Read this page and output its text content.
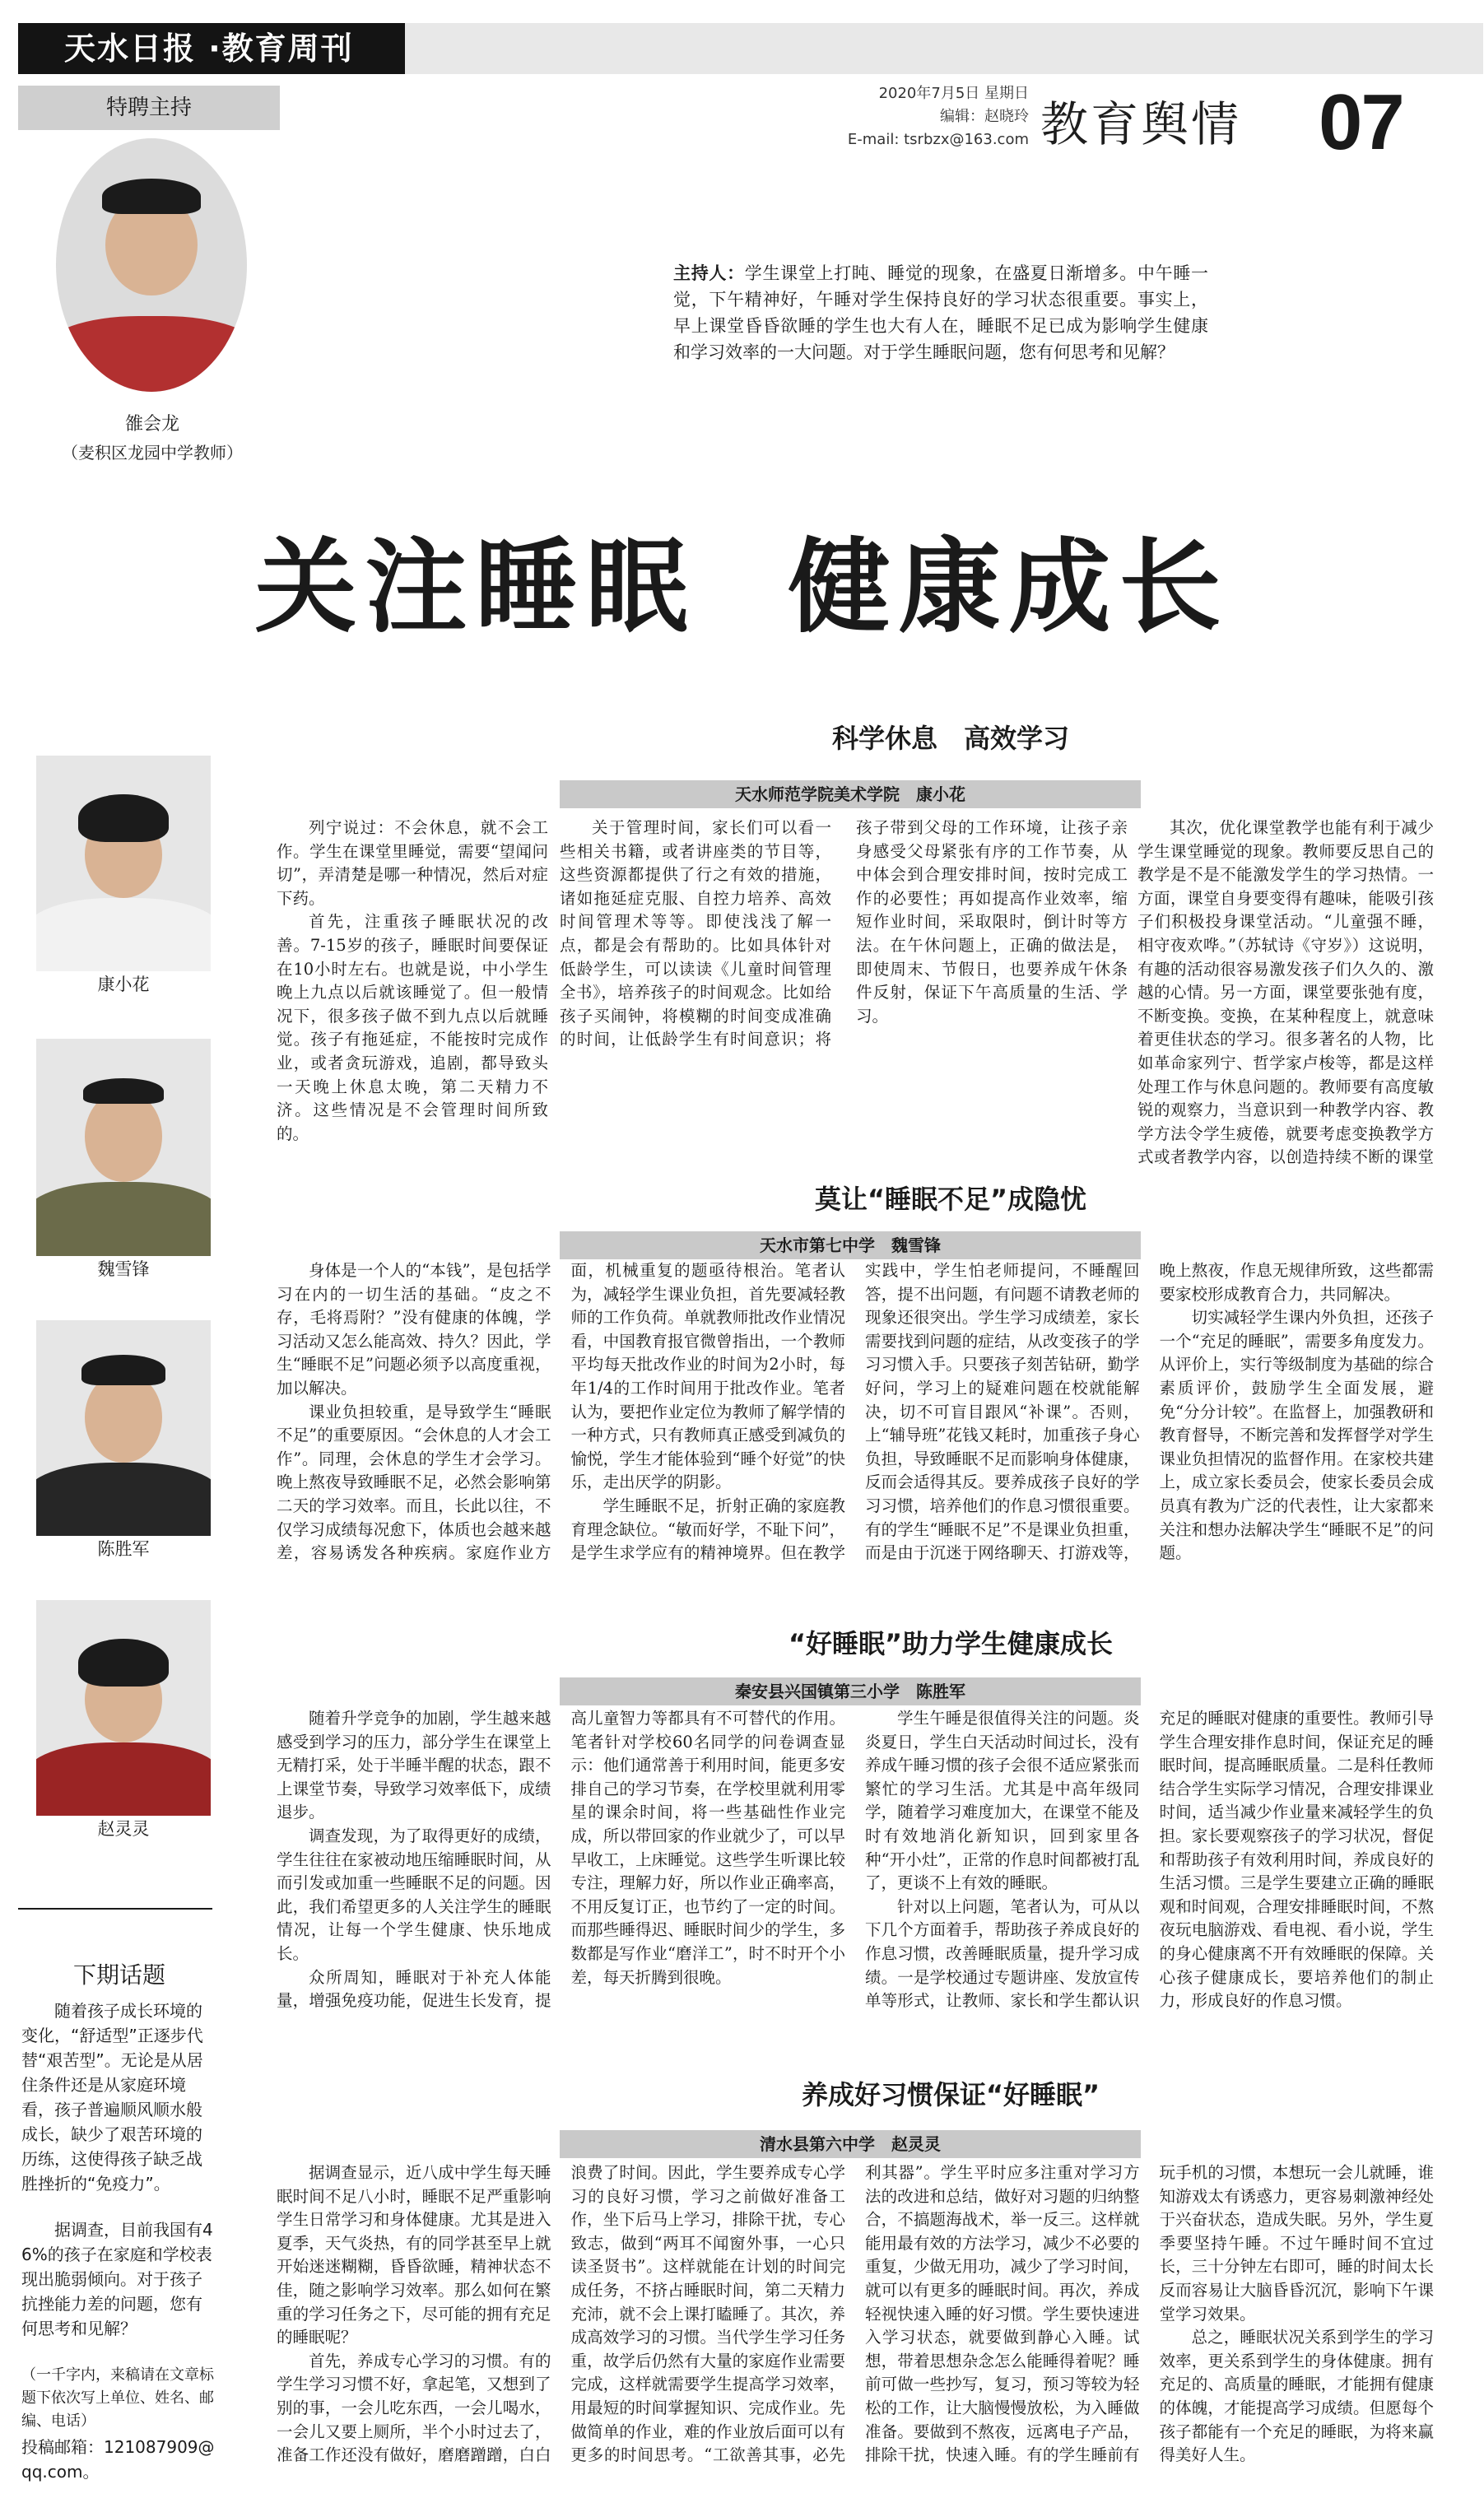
天水日报 ·教育周刊
特聘主持
2020年7月5日 星期日
编辑：赵晓玲
E-mail: tsrbzx@163.com 教育舆情 07
雒会龙
（麦积区龙园中学教师）
主持人：学生课堂上打盹、睡觉的现象，在盛夏日渐增多。中午睡一觉，下午精神好，午睡对学生保持良好的学习状态很重要。事实上，早上课堂昏昏欲睡的学生也大有人在，睡眠不足已成为影响学生健康和学习效率的一大问题。对于学生睡眠问题，您有何思考和见解？
关注睡眠 健康成长
康小花
魏雪锋
陈胜军
赵灵灵
下期话题
随着孩子成长环境的变化，“舒适型”正逐步代替“艰苦型”。无论是从居住条件还是从家庭环境看，孩子普遍顺风顺水般成长，缺少了艰苦环境的历练，这使得孩子缺乏战胜挫折的“免疫力”。
据调查，目前我国有46%的孩子在家庭和学校表现出脆弱倾向。对于孩子抗挫能力差的问题，您有何思考和见解？
（一千字内，来稿请在文章标题下依次写上单位、姓名、邮编、电话）
投稿邮箱：121087909@qq.com。
科学休息　高效学习
天水师范学院美术学院　康小花

列宁说过：不会休息，就不会工作。学生在课堂里睡觉，需要“望闻问切”，弄清楚是哪一种情况，然后对症下药。

首先，注重孩子睡眠状况的改善。7-15岁的孩子，睡眠时间要保证在10小时左右。也就是说，中小学生晚上九点以后就该睡觉了。但一般情况下，很多孩子做不到九点以后就睡觉。孩子有拖延症，不能按时完成作业，或者贪玩游戏，追剧，都导致头一天晚上休息太晚，第二天精力不济。这些情况是不会管理时间所致的。

关于管理时间，家长们可以看一些相关书籍，或者讲座类的节目等，这些资源都提供了行之有效的措施，诸如拖延症克服、自控力培养、高效时间管理术等等。即使浅浅了解一点，都是会有帮助的。比如具体针对低龄学生，可以读读《儿童时间管理全书》，培养孩子的时间观念。比如给孩子买闹钟，将模糊的时间变成准确的时间，让低龄学生有时间意识；将孩子带到父母的工作环境，让孩子亲身感受父母紧张有序的工作节奏，从中体会到合理安排时间，按时完成工作的必要性；再如提高作业效率，缩短作业时间，采取限时，倒计时等方法。在午休问题上，正确的做法是，即使周末、节假日，也要养成午休条件反射，保证下午高质量的生活、学习。

其次，优化课堂教学也能有利于减少学生课堂睡觉的现象。教师要反思自己的教学是不是不能激发学生的学习热情。一方面，课堂自身要变得有趣味，能吸引孩子们积极投身课堂活动。“儿童强不睡，相守夜欢哗。”（苏轼诗《守岁》）这说明，有趣的活动很容易激发孩子们久久的、激越的心情。另一方面，课堂要张弛有度，不断变换。变换，在某种程度上，就意味着更佳状态的学习。很多著名的人物，比如革命家列宁、哲学家卢梭等，都是这样处理工作与休息问题的。教师要有高度敏锐的观察力，当意识到一种教学内容、教学方法令学生疲倦，就要考虑变换教学方式或者教学内容，以创造持续不断的课堂

莫让“睡眠不足”成隐忧
天水市第七中学　魏雪锋

身体是一个人的“本钱”，是包括学习在内的一切生活的基础。“皮之不存，毛将焉附？”没有健康的体魄，学习活动又怎么能高效、持久？因此，学生“睡眠不足”问题必须予以高度重视，加以解决。

课业负担较重，是导致学生“睡眠不足”的重要原因。“会休息的人才会工作”。同理，会休息的学生才会学习。晚上熬夜导致睡眠不足，必然会影响第二天的学习效率。而且，长此以往，不仅学习成绩每况愈下，体质也会越来越差，容易诱发各种疾病。家庭作业方面，机械重复的题亟待根治。笔者认为，减轻学生课业负担，首先要减轻教师的工作负荷。单就教师批改作业情况看，中国教育报官微曾指出，一个教师平均每天批改作业的时间为2小时，每年1/4的工作时间用于批改作业。笔者认为，要把作业定位为教师了解学情的一种方式，只有教师真正感受到减负的愉悦，学生才能体验到“睡个好觉”的快乐，走出厌学的阴影。

学生睡眠不足，折射正确的家庭教育理念缺位。“敏而好学，不耻下问”，是学生求学应有的精神境界。但在教学实践中，学生怕老师提问，不睡醒回答，提不出问题，有问题不请教老师的现象还很突出。学生学习成绩差，家长需要找到问题的症结，从改变孩子的学习习惯入手。只要孩子刻苦钻研，勤学好问，学习上的疑难问题在校就能解决，切不可盲目跟风“补课”。否则，上“辅导班”花钱又耗时，加重孩子身心负担，导致睡眠不足而影响身体健康，反而会适得其反。要养成孩子良好的学习习惯，培养他们的作息习惯很重要。有的学生“睡眠不足”不是课业负担重，而是由于沉迷于网络聊天、打游戏等，晚上熬夜，作息无规律所致，这些都需要家校形成教育合力，共同解决。

切实减轻学生课内外负担，还孩子一个“充足的睡眠”，需要多角度发力。从评价上，实行等级制度为基础的综合素质评价，鼓励学生全面发展，避免“分分计较”。在监督上，加强教研和教育督导，不断完善和发挥督学对学生课业负担情况的监督作用。在家校共建上，成立家长委员会，使家长委员会成员真有教为广泛的代表性，让大家都来关注和想办法解决学生“睡眠不足”的问题。

“好睡眠”助力学生健康成长
秦安县兴国镇第三小学　陈胜军

随着升学竞争的加剧，学生越来越感受到学习的压力，部分学生在课堂上无精打采，处于半睡半醒的状态，跟不上课堂节奏，导致学习效率低下，成绩退步。

调查发现，为了取得更好的成绩，学生往往在家被动地压缩睡眠时间，从而引发或加重一些睡眠不足的问题。因此，我们希望更多的人关注学生的睡眠情况，让每一个学生健康、快乐地成长。

众所周知，睡眠对于补充人体能量，增强免疫功能，促进生长发育，提高儿童智力等都具有不可替代的作用。笔者针对学校60名同学的问卷调查显示：他们通常善于利用时间，能更多安排自己的学习节奏，在学校里就利用零星的课余时间，将一些基础性作业完成，所以带回家的作业就少了，可以早早收工，上床睡觉。这些学生听课比较专注，理解力好，所以作业正确率高，不用反复订正，也节约了一定的时间。而那些睡得迟、睡眠时间少的学生，多数都是写作业“磨洋工”，时不时开个小差，每天折腾到很晚。

学生午睡是很值得关注的问题。炎炎夏日，学生白天活动时间过长，没有养成午睡习惯的孩子会很不适应紧张而繁忙的学习生活。尤其是中高年级同学，随着学习难度加大，在课堂不能及时有效地消化新知识，回到家里各种“开小灶”，正常的作息时间都被打乱了，更谈不上有效的睡眠。

针对以上问题，笔者认为，可从以下几个方面着手，帮助孩子养成良好的作息习惯，改善睡眠质量，提升学习成绩。一是学校通过专题讲座、发放宣传单等形式，让教师、家长和学生都认识充足的睡眠对健康的重要性。教师引导学生合理安排作息时间，保证充足的睡眠时间，提高睡眠质量。二是科任教师结合学生实际学习情况，合理安排课业时间，适当减少作业量来减轻学生的负担。家长要观察孩子的学习状况，督促和帮助孩子有效利用时间，养成良好的生活习惯。三是学生要建立正确的睡眠观和时间观，合理安排睡眠时间，不熬夜玩电脑游戏、看电视、看小说，学生的身心健康离不开有效睡眠的保障。关心孩子健康成长，要培养他们的制止力，形成良好的作息习惯。

养成好习惯保证“好睡眠”
清水县第六中学　赵灵灵

据调查显示，近八成中学生每天睡眠时间不足八小时，睡眠不足严重影响学生日常学习和身体健康。尤其是进入夏季，天气炎热，有的同学甚至早上就开始迷迷糊糊，昏昏欲睡，精神状态不佳，随之影响学习效率。那么如何在繁重的学习任务之下，尽可能的拥有充足的睡眠呢？

首先，养成专心学习的习惯。有的学生学习习惯不好，拿起笔，又想到了别的事，一会儿吃东西，一会儿喝水，一会儿又要上厕所，半个小时过去了，准备工作还没有做好，磨磨蹭蹭，白白浪费了时间。因此，学生要养成专心学习的良好习惯，学习之前做好准备工作，坐下后马上学习，排除干扰，专心致志，做到“两耳不闻窗外事，一心只读圣贤书”。这样就能在计划的时间完成任务，不挤占睡眠时间，第二天精力充沛，就不会上课打瞌睡了。其次，养成高效学习的习惯。当代学生学习任务重，故学后仍然有大量的家庭作业需要完成，这样就需要学生提高学习效率，用最短的时间掌握知识、完成作业。先做简单的作业，难的作业放后面可以有更多的时间思考。“工欲善其事，必先利其器”。学生平时应多注重对学习方法的改进和总结，做好对习题的归纳整合，不搞题海战术，举一反三。这样就能用最有效的方法学习，减少不必要的重复，少做无用功，减少了学习时间，就可以有更多的睡眠时间。再次，养成轻视快速入睡的好习惯。学生要快速进入学习状态，就要做到静心入睡。试想，带着思想杂念怎么能睡得着呢？睡前可做一些抄写，复习，预习等较为轻松的工作，让大脑慢慢放松，为入睡做准备。要做到不熬夜，远离电子产品，排除干扰，快速入睡。有的学生睡前有玩手机的习惯，本想玩一会儿就睡，谁知游戏太有诱惑力，更容易刺激神经处于兴奋状态，造成失眠。另外，学生夏季要坚持午睡。不过午睡时间不宜过长，三十分钟左右即可，睡的时间太长反而容易让大脑昏昏沉沉，影响下午课堂学习效果。

总之，睡眠状况关系到学生的学习效率，更关系到学生的身体健康。拥有充足的、高质量的睡眠，才能拥有健康的体魄，才能提高学习成绩。但愿每个孩子都能有一个充足的睡眠，为将来赢得美好人生。
